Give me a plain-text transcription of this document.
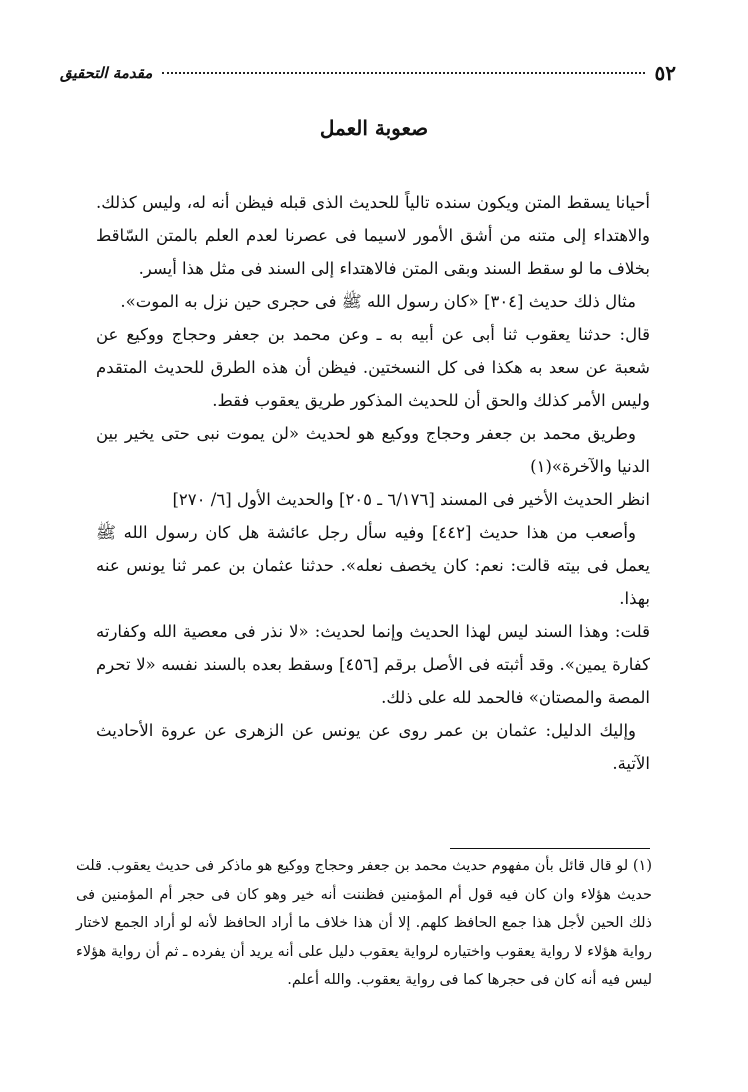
٥٢
مقدمة التحقيق
صعوبة العمل

أحيانا يسقط المتن ويكون سنده تالياً للحديث الذى قبله فيظن أنه له، وليس كذلك. والاهتداء إلى متنه من أشق الأمور لاسيما فى عصرنا لعدم العلم بالمتن السّاقط بخلاف ما لو سقط السند وبقى المتن فالاهتداء إلى السند فى مثل هذا أيسر.

مثال ذلك حديث [٣٠٤] «كان رسول الله ﷺ فى حجرى حين نزل به الموت».

قال: حدثنا يعقوب ثنا أبى عن أبيه به ـ وعن محمد بن جعفر وحجاج ووكيع عن شعبة عن سعد به هكذا فى كل النسختين. فيظن أن هذه الطرق للحديث المتقدم وليس الأمر كذلك والحق أن للحديث المذكور طريق يعقوب فقط.

وطريق محمد بن جعفر وحجاج ووكيع هو لحديث «لن يموت نبى حتى يخير بين الدنيا والآخرة»(١)

انظر الحديث الأخير فى المسند [٦/١٧٦ ـ ٢٠٥] والحديث الأول [٦/ ٢٧٠]

وأصعب من هذا حديث [٤٤٢] وفيه سأل رجل عائشة هل كان رسول الله ﷺ يعمل فى بيته قالت: نعم: كان يخصف نعله». حدثنا عثمان بن عمر ثنا يونس عنه بهذا.

قلت: وهذا السند ليس لهذا الحديث وإنما لحديث: «لا نذر فى معصية الله وكفارته كفارة يمين». وقد أثبته فى الأصل برقم [٤٥٦] وسقط بعده بالسند نفسه «لا تحرم المصة والمصتان» فالحمد لله على ذلك.

وإليك الدليل: عثمان بن عمر روى عن يونس عن الزهرى عن عروة الأحاديث الآتية.

(١) لو قال قائل بأن مفهوم حديث محمد بن جعفر وحجاج ووكيع هو ماذكر فى حديث يعقوب. قلت حديث هؤلاء وان كان فيه قول أم المؤمنين فظننت أنه خير وهو كان فى حجر أم المؤمنين فى ذلك الحين لأجل هذا جمع الحافظ كلهم. إلا أن هذا خلاف ما أراد الحافظ لأنه لو أراد الجمع لاختار رواية هؤلاء لا رواية يعقوب واختياره لرواية يعقوب دليل على أنه يريد أن يفرده ـ ثم أن رواية هؤلاء ليس فيه أنه كان فى حجرها كما فى رواية يعقوب. والله أعلم.
